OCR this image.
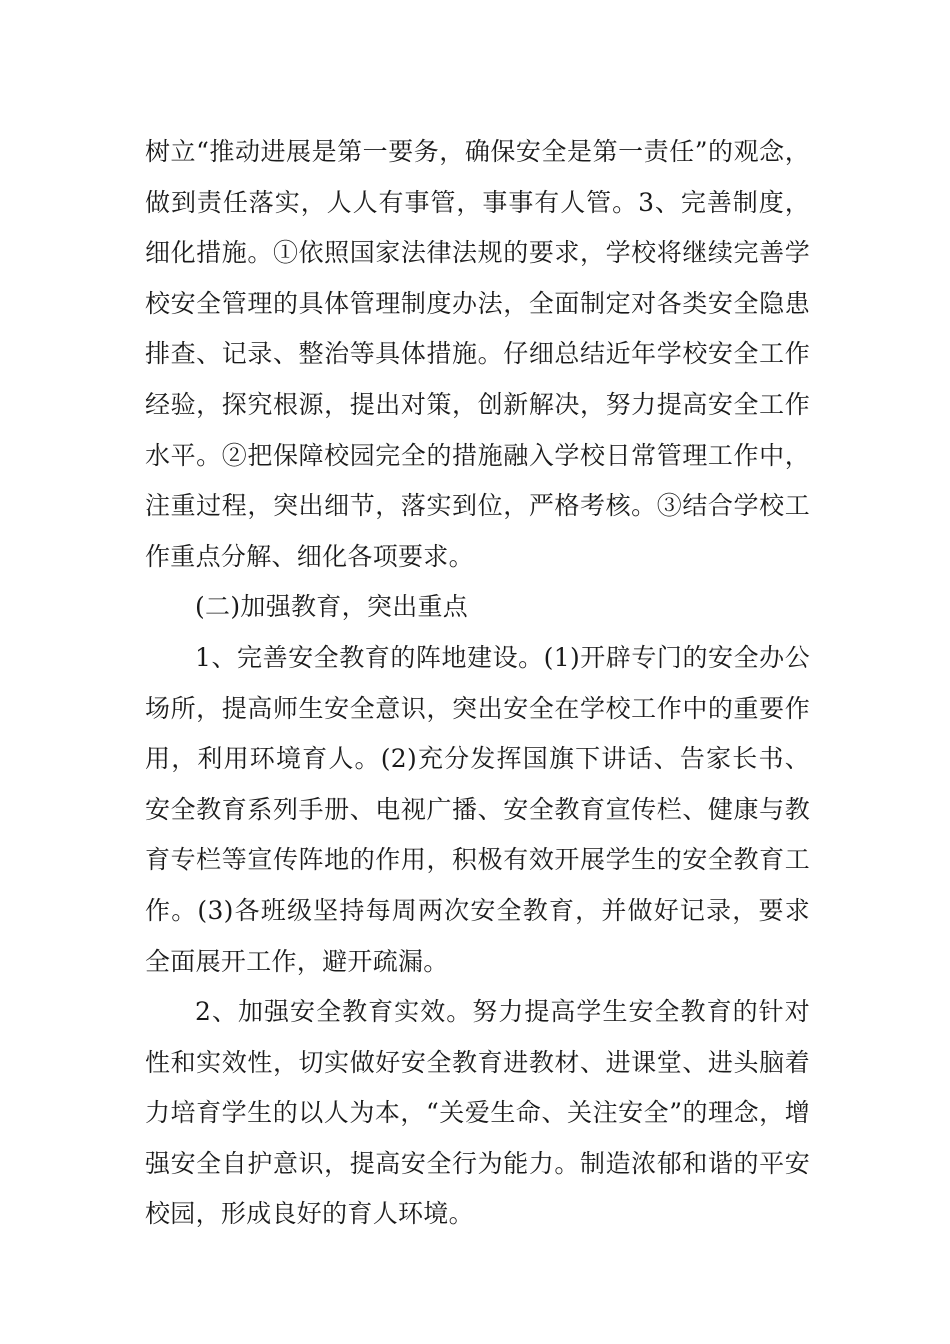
树立“推动进展是第一要务，确保安全是第一责任”的观念，做到责任落实，人人有事管，事事有人管。3、完善制度，细化措施。①依照国家法律法规的要求，学校将继续完善学校安全管理的具体管理制度办法，全面制定对各类安全隐患排查、记录、整治等具体措施。仔细总结近年学校安全工作经验，探究根源，提出对策，创新解决，努力提高安全工作水平。②把保障校园完全的措施融入学校日常管理工作中，注重过程，突出细节，落实到位，严格考核。③结合学校工作重点分解、细化各项要求。

(二)加强教育，突出重点

1、完善安全教育的阵地建设。(1)开辟专门的安全办公场所，提高师生安全意识，突出安全在学校工作中的重要作用，利用环境育人。(2)充分发挥国旗下讲话、告家长书、安全教育系列手册、电视广播、安全教育宣传栏、健康与教育专栏等宣传阵地的作用，积极有效开展学生的安全教育工作。(3)各班级坚持每周两次安全教育，并做好记录，要求全面展开工作，避开疏漏。

2、加强安全教育实效。努力提高学生安全教育的针对性和实效性，切实做好安全教育进教材、进课堂、进头脑着力培育学生的以人为本，“关爱生命、关注安全”的理念，增强安全自护意识，提高安全行为能力。制造浓郁和谐的平安校园，形成良好的育人环境。
